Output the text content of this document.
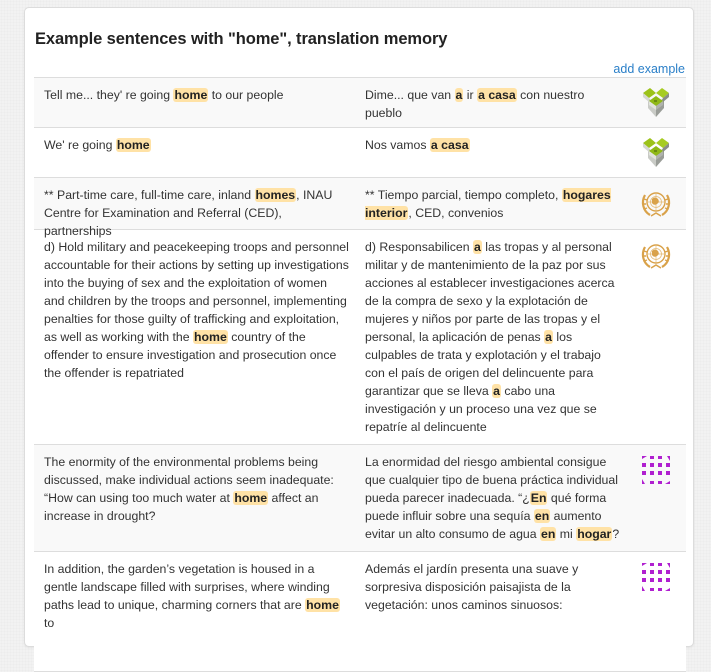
Example sentences with "home", translation memory
add example
Tell me... they' re going home to our people	Dime... que van a ir a casa con nuestro pueblo
We' re going home	Nos vamos a casa
** Part-time care, full-time care, inland homes, INAU Centre for Examination and Referral (CED), partnerships
** Tiempo parcial, tiempo completo, hogares interior, CED, convenios
d) Hold military and peacekeeping troops and personnel accountable for their actions by setting up investigations into the buying of sex and the exploitation of women and children by the troops and personnel, implementing penalties for those guilty of trafficking and exploitation, as well as working with the home country of the offender to ensure investigation and prosecution once the offender is repatriated
d) Responsabilicen a las tropas y al personal militar y de mantenimiento de la paz por sus acciones al establecer investigaciones acerca de la compra de sexo y la explotación de mujeres y niños por parte de las tropas y el personal, la aplicación de penas a los culpables de trata y explotación y el trabajo con el país de origen del delincuente para garantizar que se lleva a cabo una investigación y un proceso una vez que se repatríe al delincuente
The enormity of the environmental problems being discussed, make individual actions seem inadequate: “How can using too much water at home affect an increase in drought?
La enormidad del riesgo ambiental consigue que cualquier tipo de buena práctica individual pueda parecer inadecuada. “¿En qué forma puede influir sobre una sequía en aumento evitar un alto consumo de agua en mi hogar?
In addition, the garden’s vegetation is housed in a gentle landscape filled with surprises, where winding paths lead to unique, charming corners that are home to
Además el jardín presenta una suave y sorpresiva disposición paisajista de la vegetación: unos caminos sinuosos:
